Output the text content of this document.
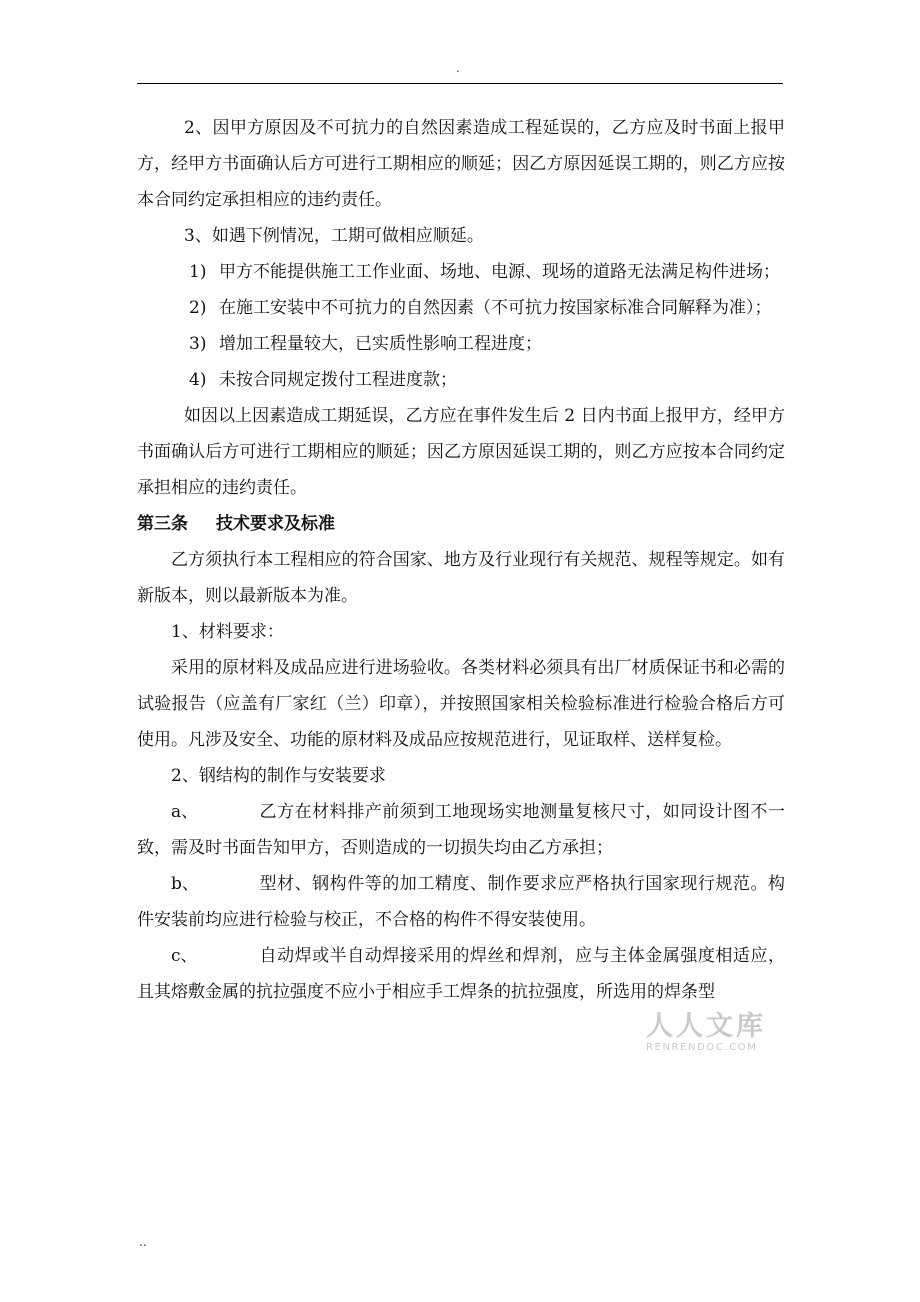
.

2、因甲方原因及不可抗力的自然因素造成工程延误的，乙方应及时书面上报甲方，经甲方书面确认后方可进行工期相应的顺延；因乙方原因延误工期的，则乙方应按本合同约定承担相应的违约责任。

3、如遇下例情况，工期可做相应顺延。

1) 甲方不能提供施工工作业面、场地、电源、现场的道路无法满足构件进场；
2) 在施工安装中不可抗力的自然因素（不可抗力按国家标准合同解释为准）；
3) 增加工程量较大，已实质性影响工程进度；
4) 未按合同规定拨付工程进度款；

如因以上因素造成工期延误，乙方应在事件发生后 2 日内书面上报甲方，经甲方书面确认后方可进行工期相应的顺延；因乙方原因延误工期的，则乙方应按本合同约定承担相应的违约责任。

第三条 技术要求及标准

乙方须执行本工程相应的符合国家、地方及行业现行有关规范、规程等规定。如有新版本，则以最新版本为准。

1、材料要求：

采用的原材料及成品应进行进场验收。各类材料必须具有出厂材质保证书和必需的试验报告（应盖有厂家红（兰）印章），并按照国家相关检验标准进行检验合格后方可使用。凡涉及安全、功能的原材料及成品应按规范进行，见证取样、送样复检。

2、钢结构的制作与安装要求

a、	乙方在材料排产前须到工地现场实地测量复核尺寸，如同设计图不一致，需及时书面告知甲方，否则造成的一切损失均由乙方承担；

b、	型材、钢构件等的加工精度、制作要求应严格执行国家现行规范。构件安装前均应进行检验与校正，不合格的构件不得安装使用。

c、	自动焊或半自动焊接采用的焊丝和焊剂，应与主体金属强度相适应，且其熔敷金属的抗拉强度不应小于相应手工焊条的抗拉强度，所选用的焊条型

人人文库
RENRENDOC.COM
..
